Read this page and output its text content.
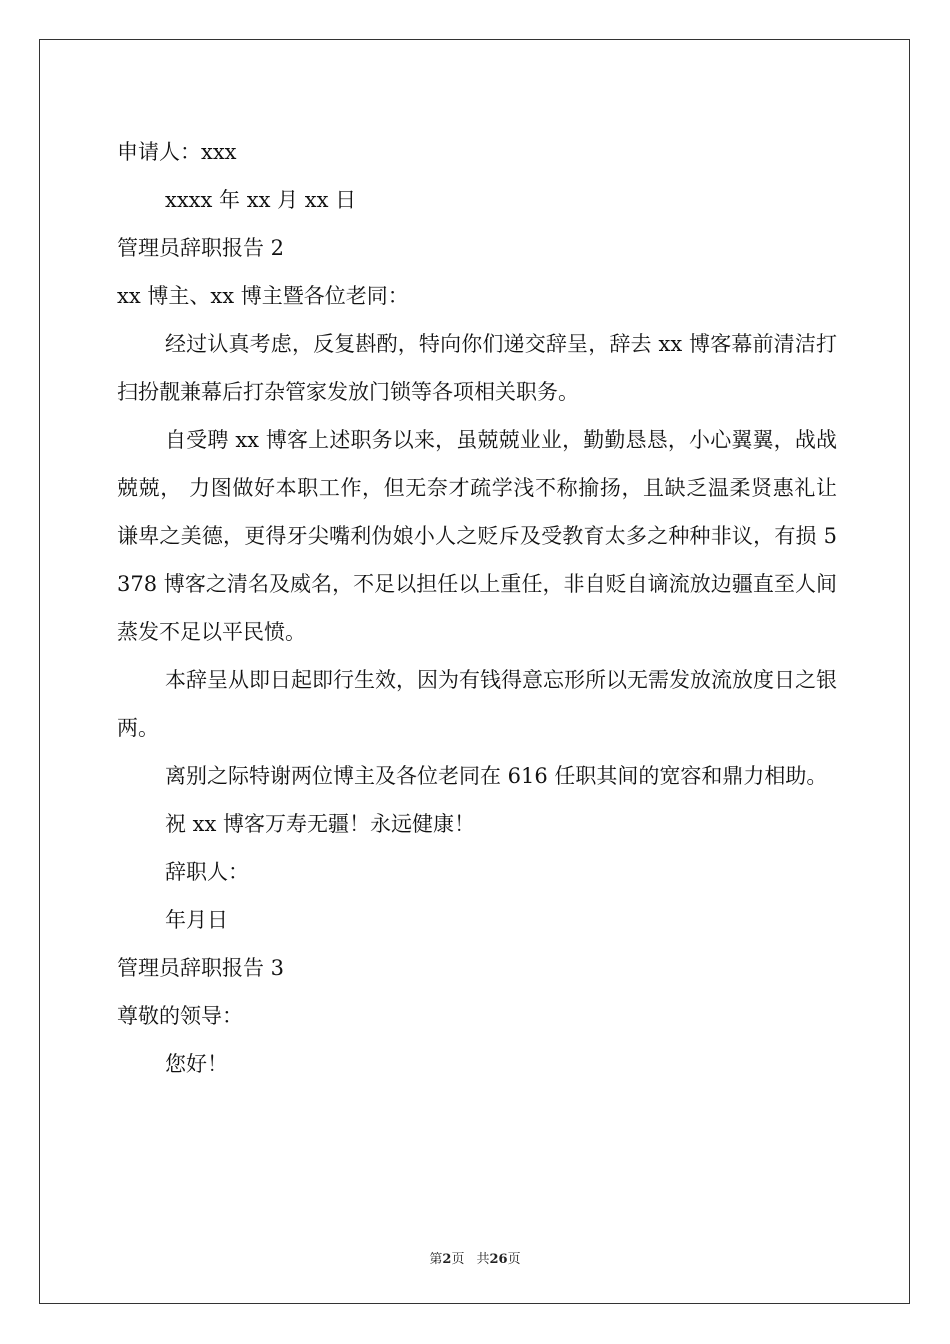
申请人：xxx
xxxx 年 xx 月 xx 日
管理员辞职报告 2
xx 博主、xx 博主暨各位老同：
经过认真考虑，反复斟酌，特向你们递交辞呈，辞去 xx 博客幕前清洁打扫扮靓兼幕后打杂管家发放门锁等各项相关职务。
自受聘 xx 博客上述职务以来，虽兢兢业业，勤勤恳恳，小心翼翼，战战兢兢， 力图做好本职工作，但无奈才疏学浅不称揄扬，且缺乏温柔贤惠礼让谦卑之美德，更得牙尖嘴利伪娘小人之贬斥及受教育太多之种种非议，有损 5378 博客之清名及威名，不足以担任以上重任，非自贬自谪流放边疆直至人间蒸发不足以平民愤。
本辞呈从即日起即行生效，因为有钱得意忘形所以无需发放流放度日之银两。
离别之际特谢两位博主及各位老同在 616 任职其间的宽容和鼎力相助。
祝 xx 博客万寿无疆！永远健康！
辞职人：
年月日
管理员辞职报告 3
尊敬的领导：
您好！
第2页 共26页
